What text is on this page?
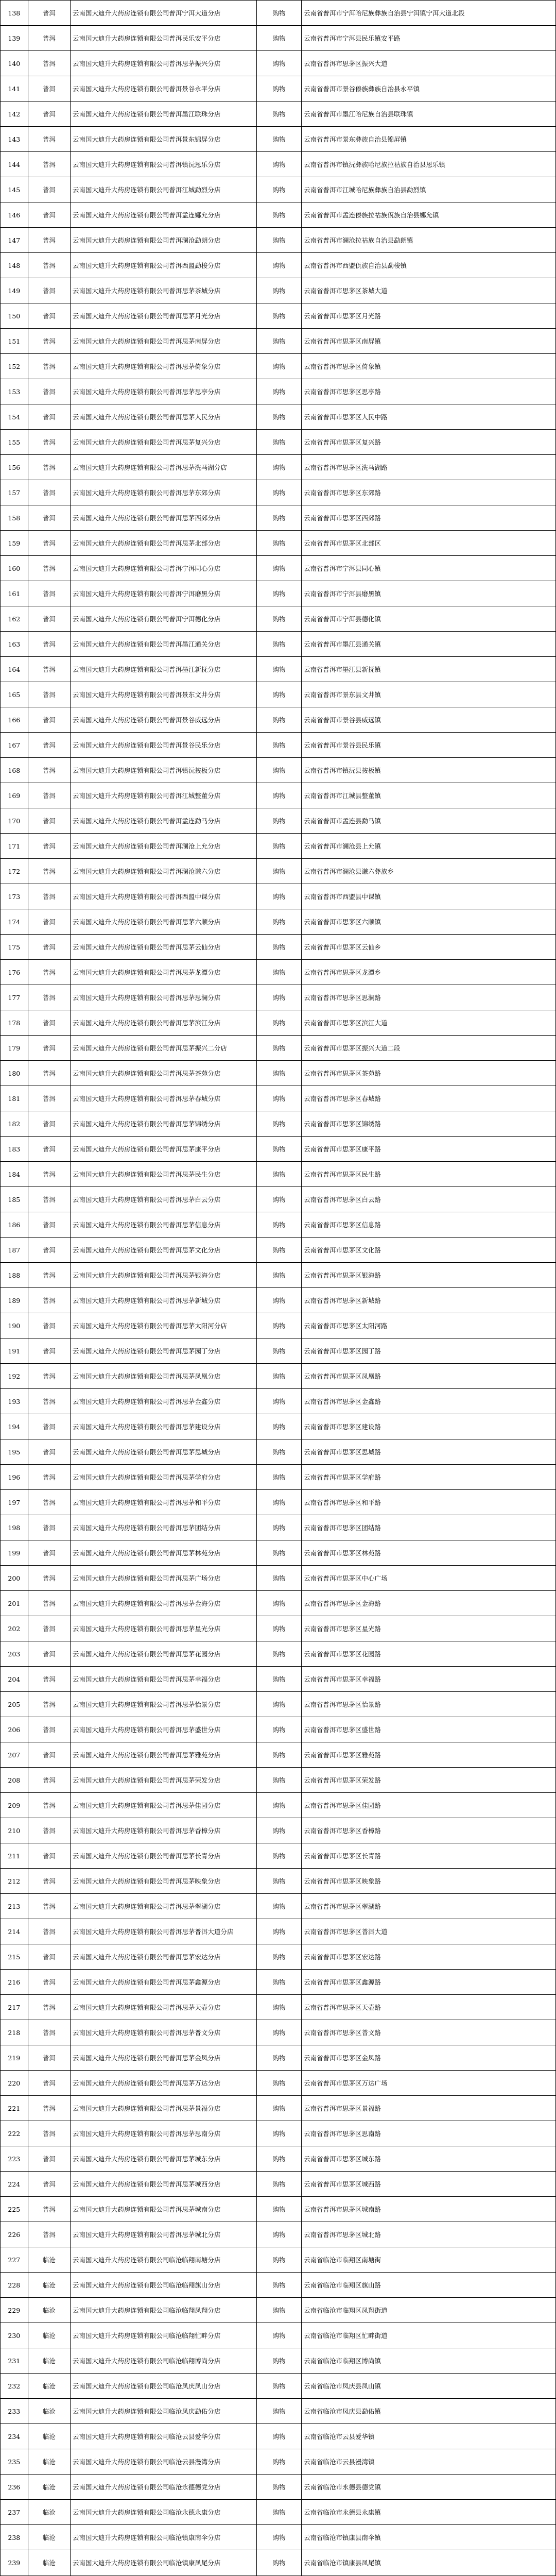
138	普洱	云南国大迪升大药房连锁有限公司普洱宁洱大道分店	购物	云南省普洱市宁洱哈尼族彝族自治县宁洱镇宁洱大道北段
139	普洱	云南国大迪升大药房连锁有限公司普洱民乐安平分店	购物	云南省普洱市宁洱县民乐镇安平路
140	普洱	云南国大迪升大药房连锁有限公司普洱思茅振兴分店	购物	云南省普洱市思茅区振兴大道
141	普洱	云南国大迪升大药房连锁有限公司普洱景谷永平分店	购物	云南省普洱市景谷傣族彝族自治县永平镇
142	普洱	云南国大迪升大药房连锁有限公司普洱墨江联珠分店	购物	云南省普洱市墨江哈尼族自治县联珠镇
143	普洱	云南国大迪升大药房连锁有限公司普洱景东锦屏分店	购物	云南省普洱市景东彝族自治县锦屏镇
144	普洱	云南国大迪升大药房连锁有限公司普洱镇沅恩乐分店	购物	云南省普洱市镇沅彝族哈尼族拉祜族自治县恩乐镇
145	普洱	云南国大迪升大药房连锁有限公司普洱江城勐烈分店	购物	云南省普洱市江城哈尼族彝族自治县勐烈镇
146	普洱	云南国大迪升大药房连锁有限公司普洱孟连娜允分店	购物	云南省普洱市孟连傣族拉祜族佤族自治县娜允镇
147	普洱	云南国大迪升大药房连锁有限公司普洱澜沧勐朗分店	购物	云南省普洱市澜沧拉祜族自治县勐朗镇
148	普洱	云南国大迪升大药房连锁有限公司普洱西盟勐梭分店	购物	云南省普洱市西盟佤族自治县勐梭镇
149	普洱	云南国大迪升大药房连锁有限公司普洱思茅茶城分店	购物	云南省普洱市思茅区茶城大道
150	普洱	云南国大迪升大药房连锁有限公司普洱思茅月光分店	购物	云南省普洱市思茅区月光路
151	普洱	云南国大迪升大药房连锁有限公司普洱思茅南屏分店	购物	云南省普洱市思茅区南屏镇
152	普洱	云南国大迪升大药房连锁有限公司普洱思茅倚象分店	购物	云南省普洱市思茅区倚象镇
153	普洱	云南国大迪升大药房连锁有限公司普洱思茅思亭分店	购物	云南省普洱市思茅区思亭路
154	普洱	云南国大迪升大药房连锁有限公司普洱思茅人民分店	购物	云南省普洱市思茅区人民中路
155	普洱	云南国大迪升大药房连锁有限公司普洱思茅复兴分店	购物	云南省普洱市思茅区复兴路
156	普洱	云南国大迪升大药房连锁有限公司普洱思茅洗马湖分店	购物	云南省普洱市思茅区洗马湖路
157	普洱	云南国大迪升大药房连锁有限公司普洱思茅东郊分店	购物	云南省普洱市思茅区东郊路
158	普洱	云南国大迪升大药房连锁有限公司普洱思茅西郊分店	购物	云南省普洱市思茅区西郊路
159	普洱	云南国大迪升大药房连锁有限公司普洱思茅北部分店	购物	云南省普洱市思茅区北部区
160	普洱	云南国大迪升大药房连锁有限公司普洱宁洱同心分店	购物	云南省普洱市宁洱县同心镇
161	普洱	云南国大迪升大药房连锁有限公司普洱宁洱磨黑分店	购物	云南省普洱市宁洱县磨黑镇
162	普洱	云南国大迪升大药房连锁有限公司普洱宁洱德化分店	购物	云南省普洱市宁洱县德化镇
163	普洱	云南国大迪升大药房连锁有限公司普洱墨江通关分店	购物	云南省普洱市墨江县通关镇
164	普洱	云南国大迪升大药房连锁有限公司普洱墨江新抚分店	购物	云南省普洱市墨江县新抚镇
165	普洱	云南国大迪升大药房连锁有限公司普洱景东文井分店	购物	云南省普洱市景东县文井镇
166	普洱	云南国大迪升大药房连锁有限公司普洱景谷威远分店	购物	云南省普洱市景谷县威远镇
167	普洱	云南国大迪升大药房连锁有限公司普洱景谷民乐分店	购物	云南省普洱市景谷县民乐镇
168	普洱	云南国大迪升大药房连锁有限公司普洱镇沅按板分店	购物	云南省普洱市镇沅县按板镇
169	普洱	云南国大迪升大药房连锁有限公司普洱江城整董分店	购物	云南省普洱市江城县整董镇
170	普洱	云南国大迪升大药房连锁有限公司普洱孟连勐马分店	购物	云南省普洱市孟连县勐马镇
171	普洱	云南国大迪升大药房连锁有限公司普洱澜沧上允分店	购物	云南省普洱市澜沧县上允镇
172	普洱	云南国大迪升大药房连锁有限公司普洱澜沧谦六分店	购物	云南省普洱市澜沧县谦六彝族乡
173	普洱	云南国大迪升大药房连锁有限公司普洱西盟中课分店	购物	云南省普洱市西盟县中课镇
174	普洱	云南国大迪升大药房连锁有限公司普洱思茅六顺分店	购物	云南省普洱市思茅区六顺镇
175	普洱	云南国大迪升大药房连锁有限公司普洱思茅云仙分店	购物	云南省普洱市思茅区云仙乡
176	普洱	云南国大迪升大药房连锁有限公司普洱思茅龙潭分店	购物	云南省普洱市思茅区龙潭乡
177	普洱	云南国大迪升大药房连锁有限公司普洱思茅思澜分店	购物	云南省普洱市思茅区思澜路
178	普洱	云南国大迪升大药房连锁有限公司普洱思茅滨江分店	购物	云南省普洱市思茅区滨江大道
179	普洱	云南国大迪升大药房连锁有限公司普洱思茅振兴二分店	购物	云南省普洱市思茅区振兴大道二段
180	普洱	云南国大迪升大药房连锁有限公司普洱思茅茶苑分店	购物	云南省普洱市思茅区茶苑路
181	普洱	云南国大迪升大药房连锁有限公司普洱思茅春城分店	购物	云南省普洱市思茅区春城路
182	普洱	云南国大迪升大药房连锁有限公司普洱思茅锦绣分店	购物	云南省普洱市思茅区锦绣路
183	普洱	云南国大迪升大药房连锁有限公司普洱思茅康平分店	购物	云南省普洱市思茅区康平路
184	普洱	云南国大迪升大药房连锁有限公司普洱思茅民生分店	购物	云南省普洱市思茅区民生路
185	普洱	云南国大迪升大药房连锁有限公司普洱思茅白云分店	购物	云南省普洱市思茅区白云路
186	普洱	云南国大迪升大药房连锁有限公司普洱思茅信息分店	购物	云南省普洱市思茅区信息路
187	普洱	云南国大迪升大药房连锁有限公司普洱思茅文化分店	购物	云南省普洱市思茅区文化路
188	普洱	云南国大迪升大药房连锁有限公司普洱思茅银海分店	购物	云南省普洱市思茅区银海路
189	普洱	云南国大迪升大药房连锁有限公司普洱思茅新城分店	购物	云南省普洱市思茅区新城路
190	普洱	云南国大迪升大药房连锁有限公司普洱思茅太阳河分店	购物	云南省普洱市思茅区太阳河路
191	普洱	云南国大迪升大药房连锁有限公司普洱思茅园丁分店	购物	云南省普洱市思茅区园丁路
192	普洱	云南国大迪升大药房连锁有限公司普洱思茅凤凰分店	购物	云南省普洱市思茅区凤凰路
193	普洱	云南国大迪升大药房连锁有限公司普洱思茅金鑫分店	购物	云南省普洱市思茅区金鑫路
194	普洱	云南国大迪升大药房连锁有限公司普洱思茅建设分店	购物	云南省普洱市思茅区建设路
195	普洱	云南国大迪升大药房连锁有限公司普洱思茅思城分店	购物	云南省普洱市思茅区思城路
196	普洱	云南国大迪升大药房连锁有限公司普洱思茅学府分店	购物	云南省普洱市思茅区学府路
197	普洱	云南国大迪升大药房连锁有限公司普洱思茅和平分店	购物	云南省普洱市思茅区和平路
198	普洱	云南国大迪升大药房连锁有限公司普洱思茅团结分店	购物	云南省普洱市思茅区团结路
199	普洱	云南国大迪升大药房连锁有限公司普洱思茅林苑分店	购物	云南省普洱市思茅区林苑路
200	普洱	云南国大迪升大药房连锁有限公司普洱思茅广场分店	购物	云南省普洱市思茅区中心广场
201	普洱	云南国大迪升大药房连锁有限公司普洱思茅金海分店	购物	云南省普洱市思茅区金海路
202	普洱	云南国大迪升大药房连锁有限公司普洱思茅星光分店	购物	云南省普洱市思茅区星光路
203	普洱	云南国大迪升大药房连锁有限公司普洱思茅花园分店	购物	云南省普洱市思茅区花园路
204	普洱	云南国大迪升大药房连锁有限公司普洱思茅幸福分店	购物	云南省普洱市思茅区幸福路
205	普洱	云南国大迪升大药房连锁有限公司普洱思茅怡景分店	购物	云南省普洱市思茅区怡景路
206	普洱	云南国大迪升大药房连锁有限公司普洱思茅盛世分店	购物	云南省普洱市思茅区盛世路
207	普洱	云南国大迪升大药房连锁有限公司普洱思茅雅苑分店	购物	云南省普洱市思茅区雅苑路
208	普洱	云南国大迪升大药房连锁有限公司普洱思茅荣发分店	购物	云南省普洱市思茅区荣发路
209	普洱	云南国大迪升大药房连锁有限公司普洱思茅佳园分店	购物	云南省普洱市思茅区佳园路
210	普洱	云南国大迪升大药房连锁有限公司普洱思茅香樟分店	购物	云南省普洱市思茅区香樟路
211	普洱	云南国大迪升大药房连锁有限公司普洱思茅长青分店	购物	云南省普洱市思茅区长青路
212	普洱	云南国大迪升大药房连锁有限公司普洱思茅映象分店	购物	云南省普洱市思茅区映象路
213	普洱	云南国大迪升大药房连锁有限公司普洱思茅翠湖分店	购物	云南省普洱市思茅区翠湖路
214	普洱	云南国大迪升大药房连锁有限公司普洱思茅普洱大道分店	购物	云南省普洱市思茅区普洱大道
215	普洱	云南国大迪升大药房连锁有限公司普洱思茅宏达分店	购物	云南省普洱市思茅区宏达路
216	普洱	云南国大迪升大药房连锁有限公司普洱思茅鑫源分店	购物	云南省普洱市思茅区鑫源路
217	普洱	云南国大迪升大药房连锁有限公司普洱思茅天壶分店	购物	云南省普洱市思茅区天壶路
218	普洱	云南国大迪升大药房连锁有限公司普洱思茅普文分店	购物	云南省普洱市思茅区普文路
219	普洱	云南国大迪升大药房连锁有限公司普洱思茅金凤分店	购物	云南省普洱市思茅区金凤路
220	普洱	云南国大迪升大药房连锁有限公司普洱思茅万达分店	购物	云南省普洱市思茅区万达广场
221	普洱	云南国大迪升大药房连锁有限公司普洱思茅景福分店	购物	云南省普洱市思茅区景福路
222	普洱	云南国大迪升大药房连锁有限公司普洱思茅思南分店	购物	云南省普洱市思茅区思南路
223	普洱	云南国大迪升大药房连锁有限公司普洱思茅城东分店	购物	云南省普洱市思茅区城东路
224	普洱	云南国大迪升大药房连锁有限公司普洱思茅城西分店	购物	云南省普洱市思茅区城西路
225	普洱	云南国大迪升大药房连锁有限公司普洱思茅城南分店	购物	云南省普洱市思茅区城南路
226	普洱	云南国大迪升大药房连锁有限公司普洱思茅城北分店	购物	云南省普洱市思茅区城北路
227	临沧	云南国大迪升大药房连锁有限公司临沧临翔南塘分店	购物	云南省临沧市临翔区南塘街
228	临沧	云南国大迪升大药房连锁有限公司临沧临翔旗山分店	购物	云南省临沧市临翔区旗山路
229	临沧	云南国大迪升大药房连锁有限公司临沧临翔凤翔分店	购物	云南省临沧市临翔区凤翔街道
230	临沧	云南国大迪升大药房连锁有限公司临沧临翔忙畔分店	购物	云南省临沧市临翔区忙畔街道
231	临沧	云南国大迪升大药房连锁有限公司临沧临翔博尚分店	购物	云南省临沧市临翔区博尚镇
232	临沧	云南国大迪升大药房连锁有限公司临沧凤庆凤山分店	购物	云南省临沧市凤庆县凤山镇
233	临沧	云南国大迪升大药房连锁有限公司临沧凤庆勐佑分店	购物	云南省临沧市凤庆县勐佑镇
234	临沧	云南国大迪升大药房连锁有限公司临沧云县爱华分店	购物	云南省临沧市云县爱华镇
235	临沧	云南国大迪升大药房连锁有限公司临沧云县漫湾分店	购物	云南省临沧市云县漫湾镇
236	临沧	云南国大迪升大药房连锁有限公司临沧永德德党分店	购物	云南省临沧市永德县德党镇
237	临沧	云南国大迪升大药房连锁有限公司临沧永德永康分店	购物	云南省临沧市永德县永康镇
238	临沧	云南国大迪升大药房连锁有限公司临沧镇康南伞分店	购物	云南省临沧市镇康县南伞镇
239	临沧	云南国大迪升大药房连锁有限公司临沧镇康凤尾分店	购物	云南省临沧市镇康县凤尾镇
